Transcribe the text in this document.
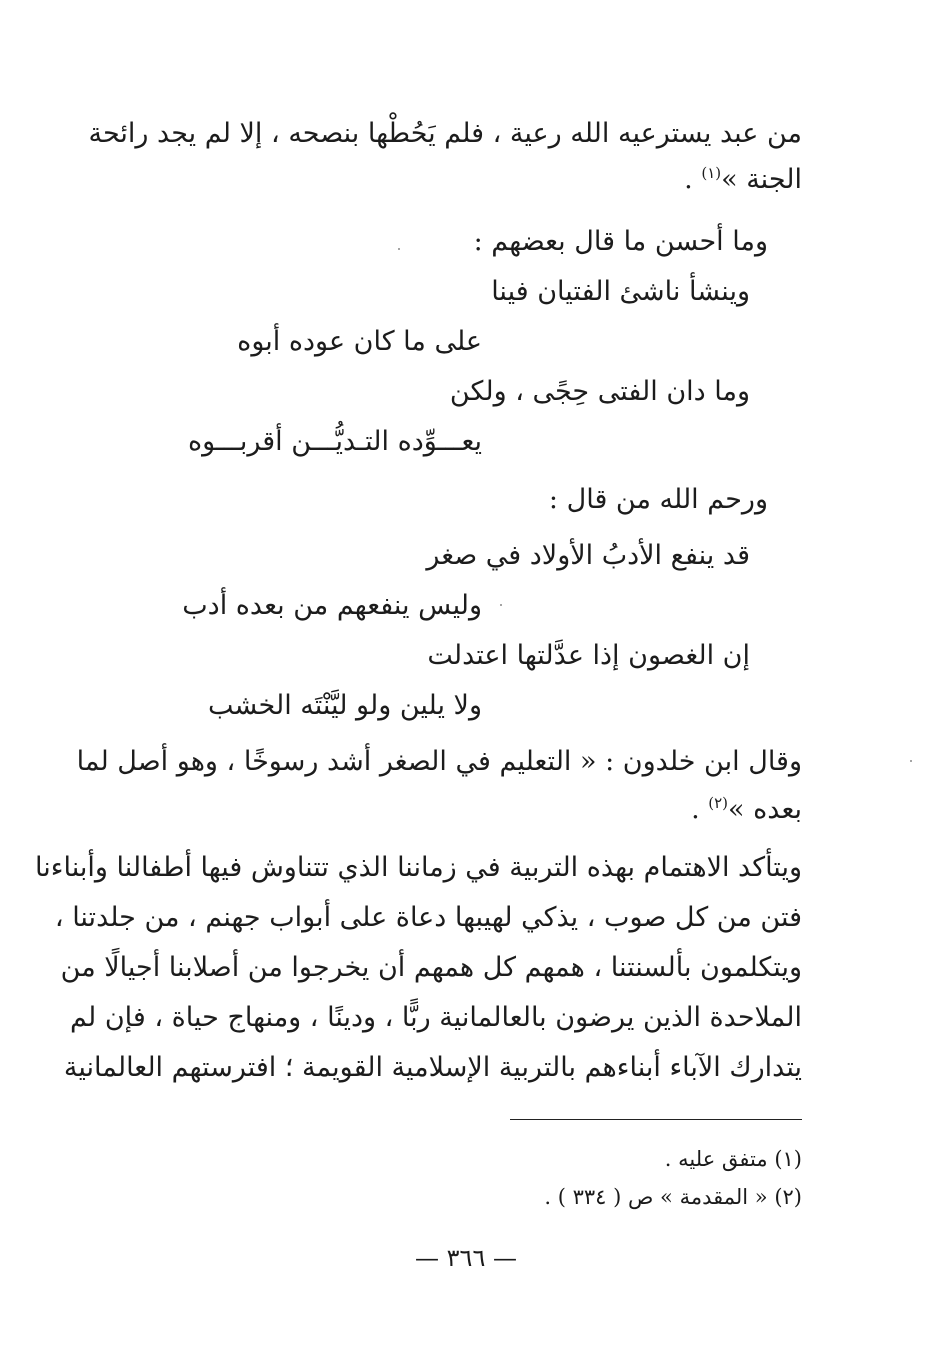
من عبد يسترعيه الله رعية ، فلم يَحُطْها بنصحه ، إلا لم يجد رائحة
الجنة »$^{(١)}$ .
وما أحسن ما قال بعضهم :
وينشأ ناشئ الفتيان فينا
على ما كان عوده أبوه
وما دان الفتى حِجًى ، ولكن
يعـــوِّده التـديُّـــن أقربـــوه
ورحم الله من قال :
قد ينفع الأدبُ الأولاد في صغر
وليس ينفعهم من بعده أدب
إن الغصون إذا عدَّلتها اعتدلت
ولا يلين ولو ليَّنْتَه الخشب
وقال ابن خلدون : « التعليم في الصغر أشد رسوخًا ، وهو أصل لما
بعده »$^{(٢)}$ .
ويتأكد الاهتمام بهذه التربية في زماننا الذي تتناوش فيها أطفالنا وأبناءنا
فتن من كل صوب ، يذكي لهيبها دعاة على أبواب جهنم ، من جلدتنا ،
ويتكلمون بألسنتنا ، همهم كل همهم أن يخرجوا من أصلابنا أجيالًا من
الملاحدة الذين يرضون بالعالمانية ربًّا ، ودينًا ، ومنهاج حياة ، فإن لم
يتدارك الآباء أبناءهم بالتربية الإسلامية القويمة ؛ افترستهم العالمانية
(١) متفق عليه .
(٢) « المقدمة » ص ( ٣٣٤ ) .
— ٣٦٦ —
